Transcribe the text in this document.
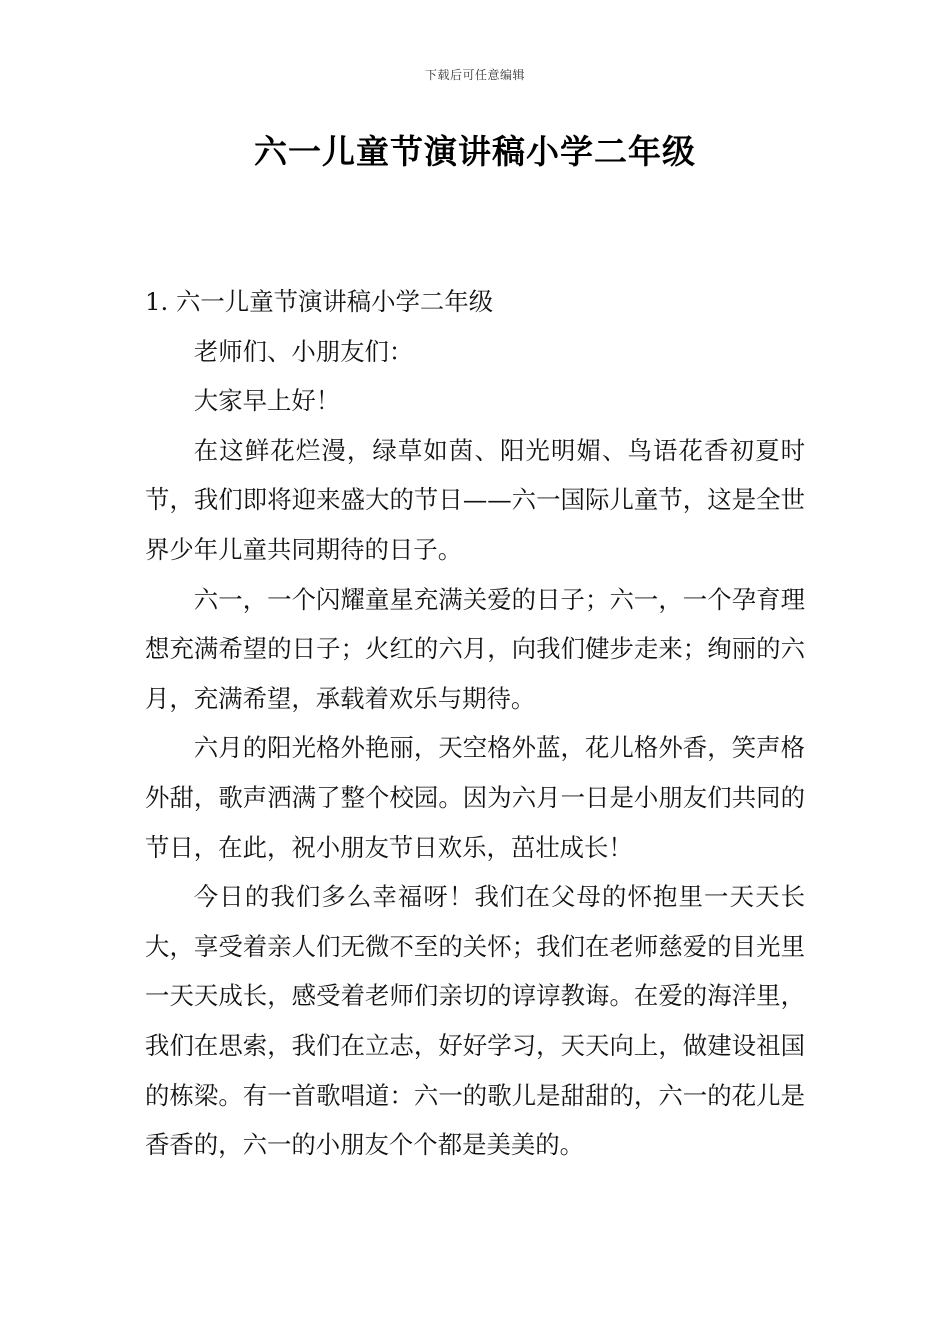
下载后可任意编辑
六一儿童节演讲稿小学二年级

1. 六一儿童节演讲稿小学二年级

老师们、小朋友们：

大家早上好！

在这鲜花烂漫，绿草如茵、阳光明媚、鸟语花香初夏时节，我们即将迎来盛大的节日——六一国际儿童节，这是全世界少年儿童共同期待的日子。

六一，一个闪耀童星充满关爱的日子；六一，一个孕育理想充满希望的日子；火红的六月，向我们健步走来；绚丽的六月，充满希望，承载着欢乐与期待。

六月的阳光格外艳丽，天空格外蓝，花儿格外香，笑声格外甜，歌声洒满了整个校园。因为六月一日是小朋友们共同的节日，在此，祝小朋友节日欢乐，茁壮成长！

今日的我们多么幸福呀！我们在父母的怀抱里一天天长大，享受着亲人们无微不至的关怀；我们在老师慈爱的目光里一天天成长，感受着老师们亲切的谆谆教诲。在爱的海洋里，我们在思索，我们在立志，好好学习，天天向上，做建设祖国的栋梁。有一首歌唱道：六一的歌儿是甜甜的，六一的花儿是香香的，六一的小朋友个个都是美美的。
